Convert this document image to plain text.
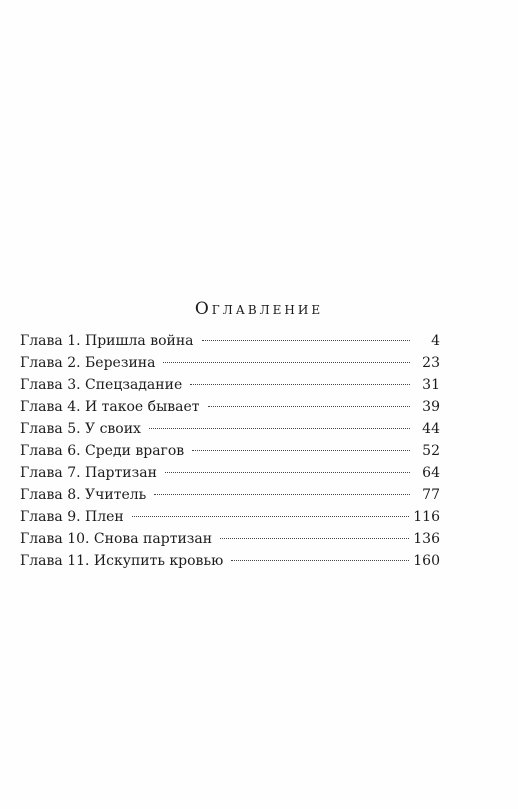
Оглавление
Глава 1. Пришла война	4
Глава 2. Березина	23
Глава 3. Спецзадание	31
Глава 4. И такое бывает	39
Глава 5. У своих	44
Глава 6. Среди врагов	52
Глава 7. Партизан	64
Глава 8. Учитель	77
Глава 9. Плен	116
Глава 10. Снова партизан	136
Глава 11. Искупить кровью	160
